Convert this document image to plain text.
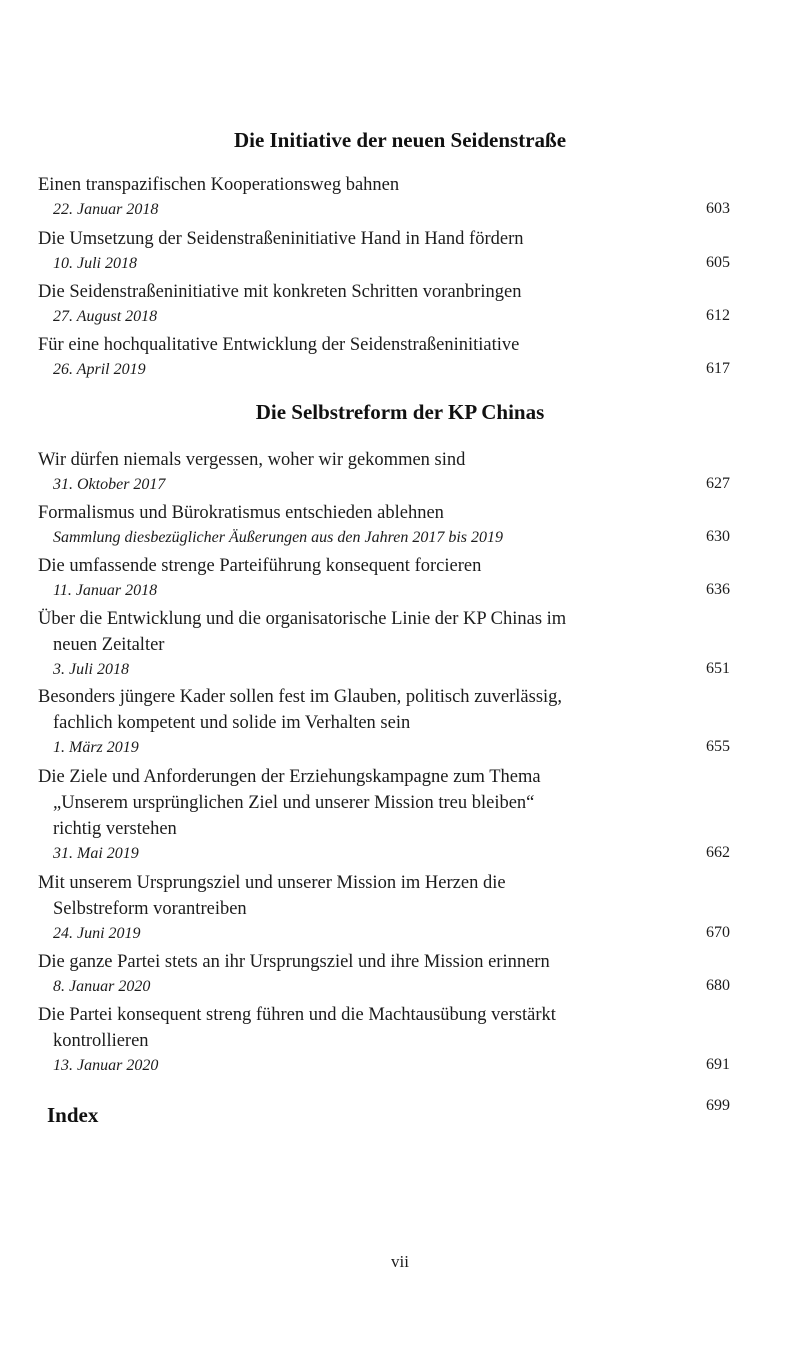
Die Initiative der neuen Seidenstraße
Einen transpazifischen Kooperationsweg bahnen
22. Januar 2018	603
Die Umsetzung der Seidenstraßeninitiative Hand in Hand fördern
10. Juli 2018	605
Die Seidenstraßeninitiative mit konkreten Schritten voranbringen
27. August 2018	612
Für eine hochqualitative Entwicklung der Seidenstraßeninitiative
26. April 2019	617
Die Selbstreform der KP Chinas
Wir dürfen niemals vergessen, woher wir gekommen sind
31. Oktober 2017	627
Formalismus und Bürokratismus entschieden ablehnen
Sammlung diesbezüglicher Äußerungen aus den Jahren 2017 bis 2019	630
Die umfassende strenge Parteiführung konsequent forcieren
11. Januar 2018	636
Über die Entwicklung und die organisatorische Linie der KP Chinas im
neuen Zeitalter
3. Juli 2018	651
Besonders jüngere Kader sollen fest im Glauben, politisch zuverlässig,
fachlich kompetent und solide im Verhalten sein
1. März 2019	655
Die Ziele und Anforderungen der Erziehungskampagne zum Thema
„Unserem ursprünglichen Ziel und unserer Mission treu bleiben“
richtig verstehen
31. Mai 2019	662
Mit unserem Ursprungsziel und unserer Mission im Herzen die
Selbstreform vorantreiben
24. Juni 2019	670
Die ganze Partei stets an ihr Ursprungsziel und ihre Mission erinnern
8. Januar 2020	680
Die Partei konsequent streng führen und die Machtausübung verstärkt
kontrollieren
13. Januar 2020	691
Index	699
vii
